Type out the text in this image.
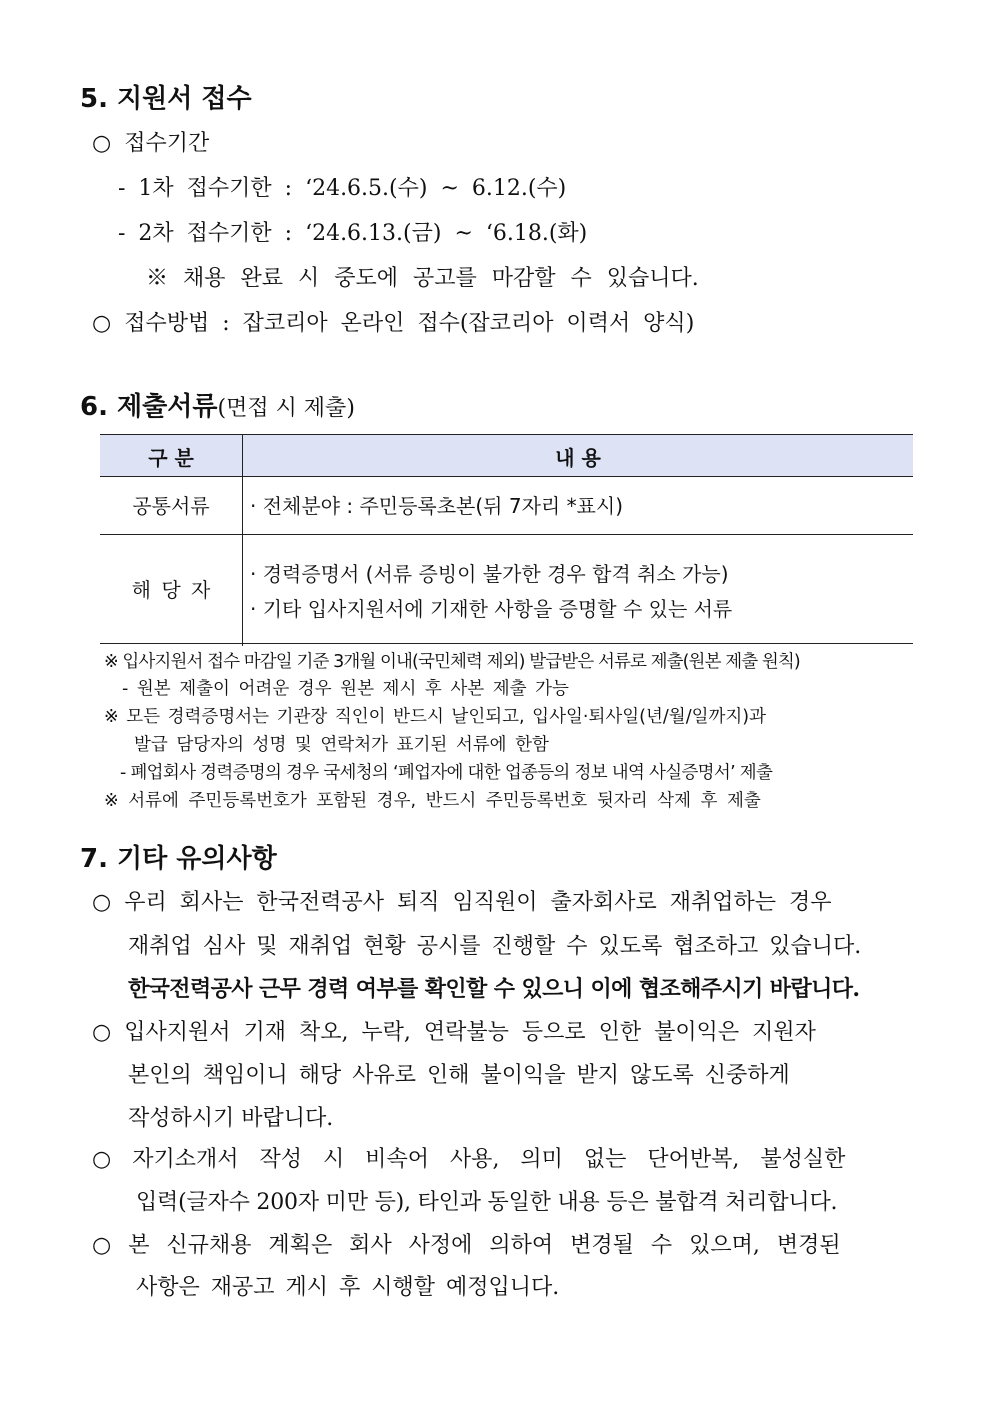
5. 지원서 접수
○ 접수기간
- 1차 접수기한 : ‘24.6.5.(수) ~ 6.12.(수)
- 2차 접수기한 : ‘24.6.13.(금) ~ ‘6.18.(화)
※ 채용 완료 시 중도에 공고를 마감할 수 있습니다.
○ 접수방법 : 잡코리아 온라인 접수(잡코리아 이력서 양식)
6. 제출서류(면접 시 제출)
구 분	내 용
공통서류	· 전체분야 : 주민등록초본(뒤 7자리 *표시)
해 당 자
· 경력증명서 (서류 증빙이 불가한 경우 합격 취소 가능)
· 기타 입사지원서에 기재한 사항을 증명할 수 있는 서류
※ 입사지원서 접수 마감일 기준 3개월 이내(국민체력 제외) 발급받은 서류로 제출(원본 제출 원칙)
- 원본 제출이 어려운 경우 원본 제시 후 사본 제출 가능
※ 모든 경력증명서는 기관장 직인이 반드시 날인되고, 입사일·퇴사일(년/월/일까지)과
발급 담당자의 성명 및 연락처가 표기된 서류에 한함
- 폐업회사 경력증명의 경우 국세청의 ‘폐업자에 대한 업종등의 정보 내역 사실증명서’ 제출
※ 서류에 주민등록번호가 포함된 경우, 반드시 주민등록번호 뒷자리 삭제 후 제출
7. 기타 유의사항
○ 우리 회사는 한국전력공사 퇴직 임직원이 출자회사로 재취업하는 경우
재취업 심사 및 재취업 현황 공시를 진행할 수 있도록 협조하고 있습니다.
한국전력공사 근무 경력 여부를 확인할 수 있으니 이에 협조해주시기 바랍니다.
○ 입사지원서 기재 착오, 누락, 연락불능 등으로 인한 불이익은 지원자
본인의 책임이니 해당 사유로 인해 불이익을 받지 않도록 신중하게
작성하시기 바랍니다.
○ 자기소개서 작성 시 비속어 사용, 의미 없는 단어반복, 불성실한
입력(글자수 200자 미만 등), 타인과 동일한 내용 등은 불합격 처리합니다.
○ 본 신규채용 계획은 회사 사정에 의하여 변경될 수 있으며, 변경된
사항은 재공고 게시 후 시행할 예정입니다.
